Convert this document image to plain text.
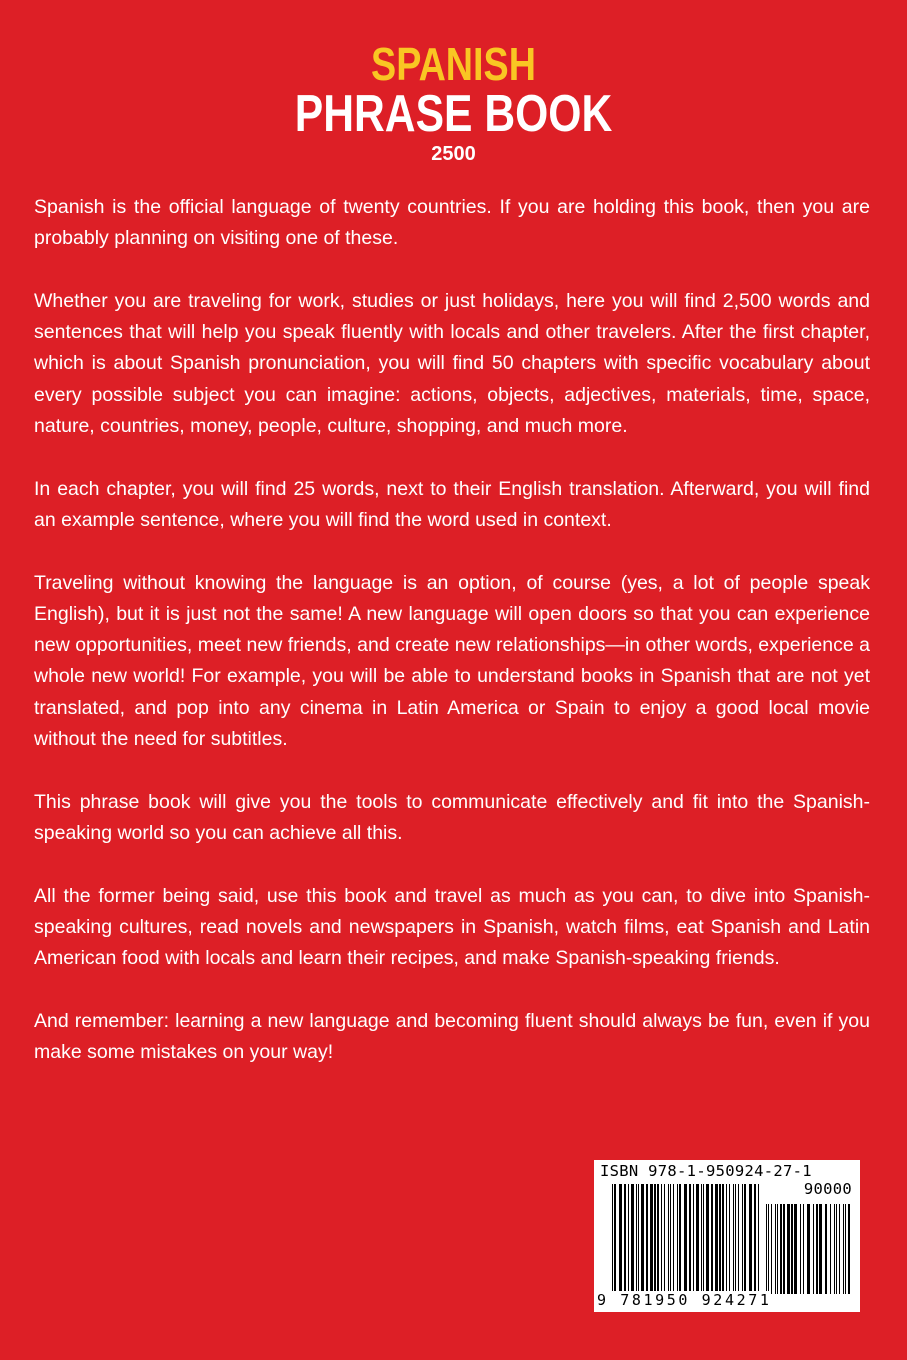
SPANISH
PHRASE BOOK
2500

Spanish is the official language of twenty countries. If you are holding this book, then you are probably planning on visiting one of these.

Whether you are traveling for work, studies or just holidays, here you will find 2,500 words and sentences that will help you speak fluently with locals and other travelers. After the first chapter, which is about Spanish pronunciation, you will find 50 chapters with specific vocabulary about every possible subject you can imagine: actions, objects, adjectives, materials, time, space, nature, countries, money, people, culture, shopping, and much more.

In each chapter, you will find 25 words, next to their English translation. Afterward, you will find an example sentence, where you will find the word used in context.

Traveling without knowing the language is an option, of course (yes, a lot of people speak English), but it is just not the same! A new language will open doors so that you can experience new opportunities, meet new friends, and create new relationships—in other words, experience a whole new world! For example, you will be able to understand books in Spanish that are not yet translated, and pop into any cinema in Latin America or Spain to enjoy a good local movie without the need for subtitles.

This phrase book will give you the tools to communicate effectively and fit into the Spanish-speaking world so you can achieve all this.

All the former being said, use this book and travel as much as you can, to dive into Spanish-speaking cultures, read novels and newspapers in Spanish, watch films, eat Spanish and Latin American food with locals and learn their recipes, and make Spanish-speaking friends.

And remember: learning a new language and becoming fluent should always be fun, even if you make some mistakes on your way!

ISBN 978-1-950924-27-1
90000
9 781950 924271
